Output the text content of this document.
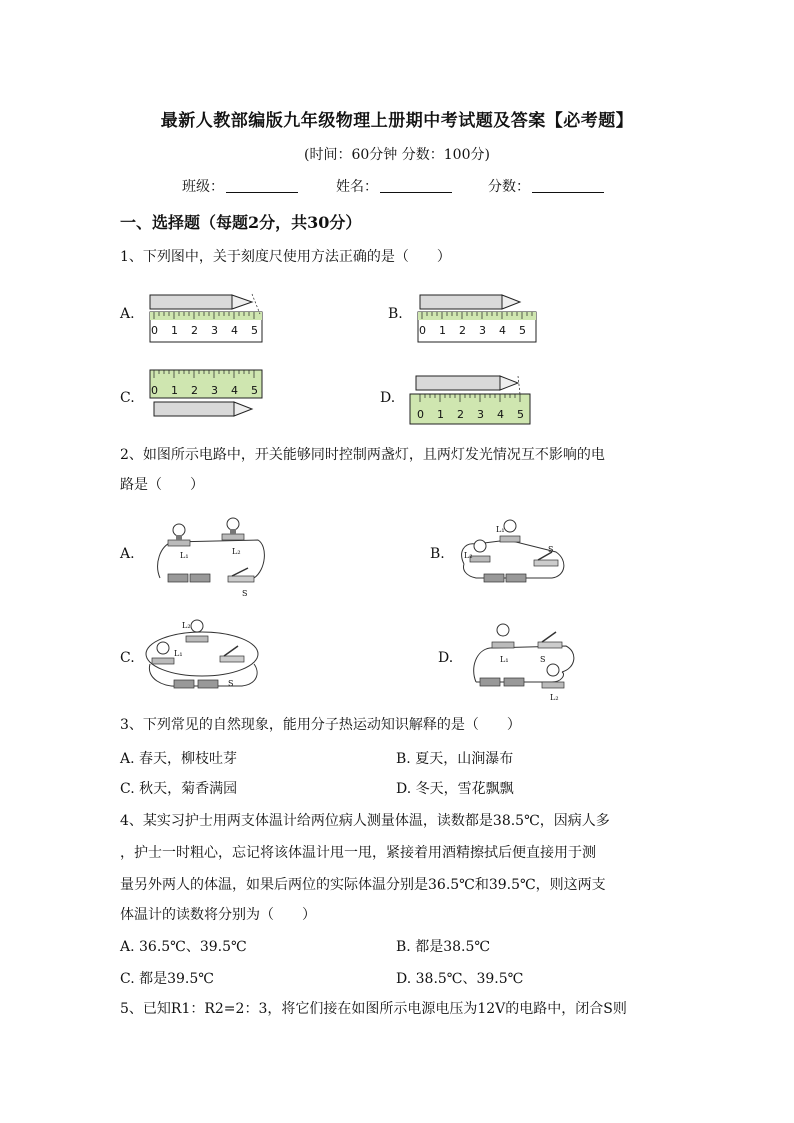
最新人教部编版九年级物理上册期中考试题及答案【必考题】
(时间：60分钟 分数：100分)
班级：	姓名：	分数：
一、选择题（每题2分，共30分）
1、下列图中，关于刻度尺使用方法正确的是（　　）
A.	B.
C.	D.
0 1 2 3 4 5	0 1 2 3 4 5
0 1 2 3 4 5
0 1 2 3 4 5
2、如图所示电路中，开关能够同时控制两盏灯，且两灯发光情况互不影响的电
路是（　　）
A.	B.
C.	D.
L₁	L₂
S
L₁
L₂
S
L₂
L₁
S
L₁	S
L₂
3、下列常见的自然现象，能用分子热运动知识解释的是（　　）
A. 春天，柳枝吐芽	B. 夏天，山涧瀑布
C. 秋天，菊香满园	D. 冬天，雪花飘飘
4、某实习护士用两支体温计给两位病人测量体温，读数都是38.5℃，因病人多
，护士一时粗心，忘记将该体温计甩一甩，紧接着用酒精擦拭后便直接用于测
量另外两人的体温，如果后两位的实际体温分别是36.5℃和39.5℃，则这两支
体温计的读数将分别为（　　）
A. 36.5℃、39.5℃	B. 都是38.5℃
C. 都是39.5℃	D. 38.5℃、39.5℃
5、已知R1：R2=2：3，将它们接在如图所示电源电压为12V的电路中，闭合S则
